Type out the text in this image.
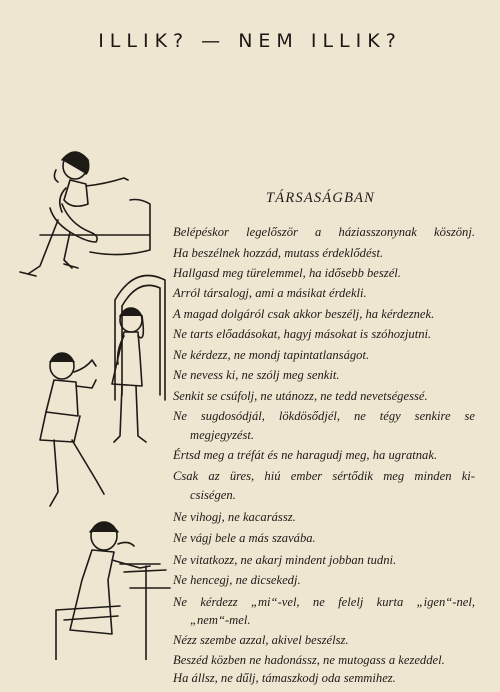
ILLIK? — NEM ILLIK?
TÁRSASÁGBAN
Belépéskor legelőször a háziasszonynak köszönj.
Ha beszélnek hozzád, mutass érdeklődést.
Hallgasd meg türelemmel, ha idősebb beszél.
Arról társalogj, ami a másikat érdekli.
A magad dolgáról csak akkor beszélj, ha kérdeznek.
Ne tarts előadásokat, hagyj másokat is szóhozjutni.
Ne kérdezz, ne mondj tapintatlanságot.
Ne nevess ki, ne szólj meg senkit.
Senkit se csúfolj, ne utánozz, ne tedd nevetségessé.
Ne sugdosódjál, lökdösődjél, ne tégy senkire se
megjegyzést.
Értsd meg a tréfát és ne haragudj meg, ha ugratnak.
Csak az üres, hiú ember sértődik meg minden ki-
csiségen.
Ne vihogj, ne kacarássz.
Ne vágj bele a más szavába.
Ne vitatkozz, ne akarj mindent jobban tudni.
Ne hencegj, ne dicsekedj.
Ne kérdezz „mi“-vel, ne felelj kurta „igen“-nel,
„nem“-mel.
Nézz szembe azzal, akivel beszélsz.
Beszéd közben ne hadonássz, ne mutogass a kezeddel.
Ha állsz, ne dűlj, támaszkodj oda semmihez.
